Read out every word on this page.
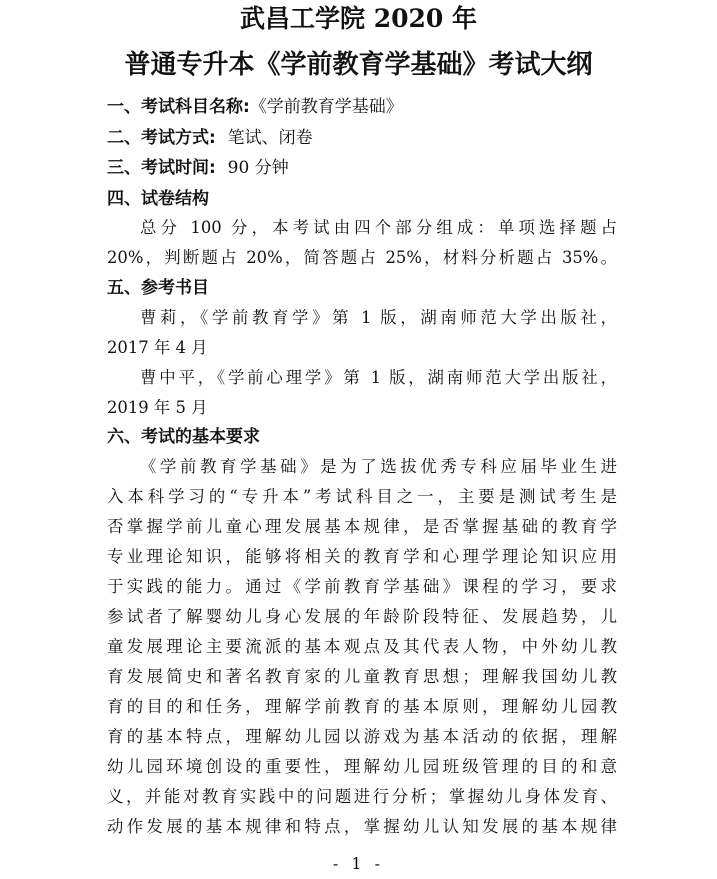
武昌工学院 2020 年
普通专升本《学前教育学基础》考试大纲
一、考试科目名称:《学前教育学基础》
二、考试方式: 笔试、闭卷
三、考试时间: 90 分钟
四、试卷结构
总分 100 分，本考试由四个部分组成：单项选择题占
20%，判断题占 20%，简答题占 25%，材料分析题占 35%。
五、参考书目
曹莉，《学前教育学》第 1 版，湖南师范大学出版社，
2017 年 4 月
曹中平，《学前心理学》第 1 版，湖南师范大学出版社，
2019 年 5 月
六、考试的基本要求
《学前教育学基础》是为了选拔优秀专科应届毕业生进
入本科学习的“专升本”考试科目之一，主要是测试考生是
否掌握学前儿童心理发展基本规律，是否掌握基础的教育学
专业理论知识，能够将相关的教育学和心理学理论知识应用
于实践的能力。通过《学前教育学基础》课程的学习，要求
参试者了解婴幼儿身心发展的年龄阶段特征、发展趋势，儿
童发展理论主要流派的基本观点及其代表人物，中外幼儿教
育发展简史和著名教育家的儿童教育思想；理解我国幼儿教
育的目的和任务，理解学前教育的基本原则，理解幼儿园教
育的基本特点，理解幼儿园以游戏为基本活动的依据，理解
幼儿园环境创设的重要性，理解幼儿园班级管理的目的和意
义，并能对教育实践中的问题进行分析；掌握幼儿身体发育、
动作发展的基本规律和特点，掌握幼儿认知发展的基本规律
- 1 -
